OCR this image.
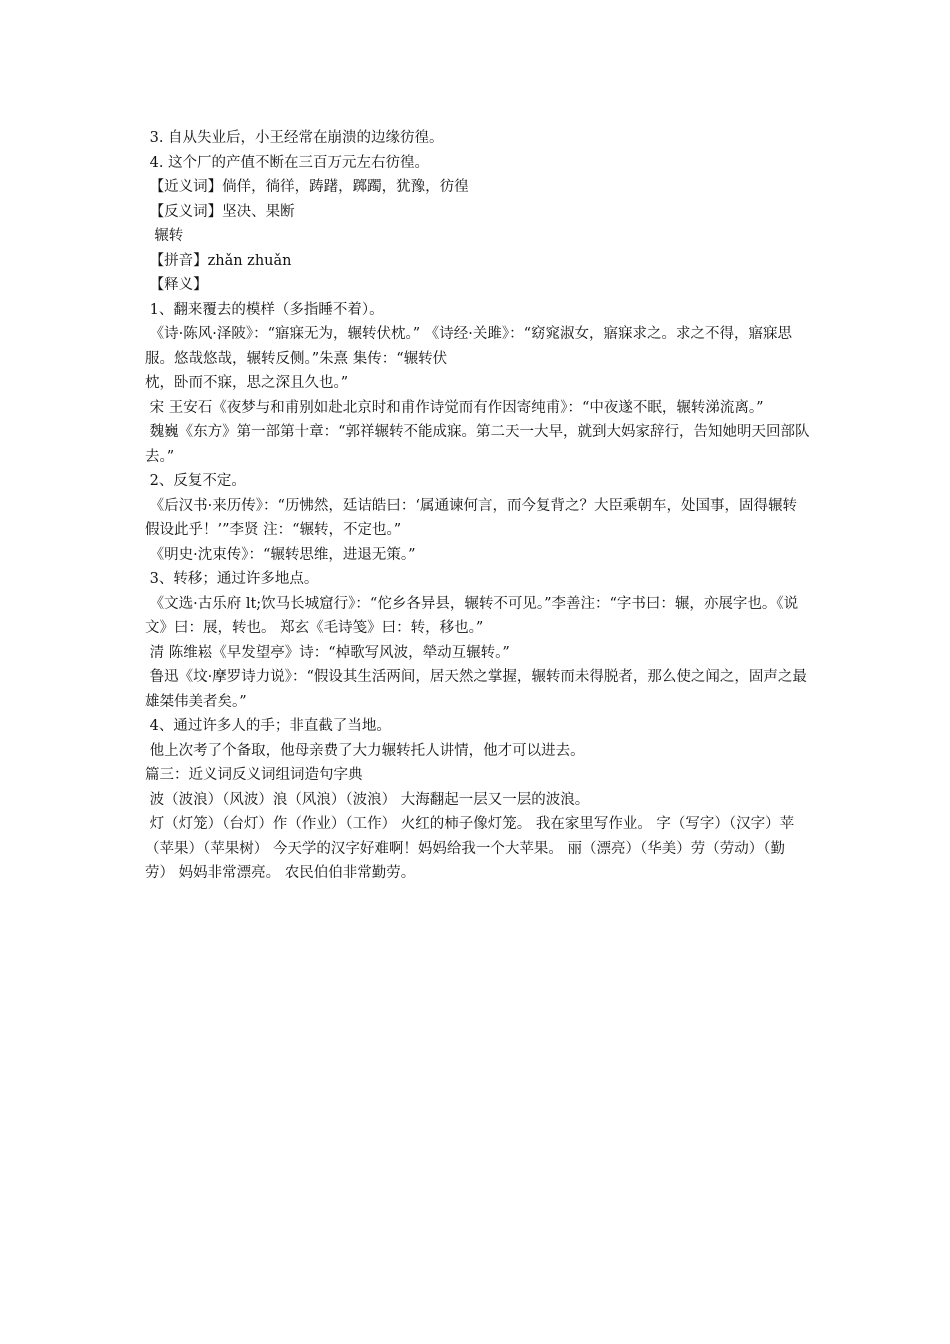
3. 自从失业后，小王经常在崩溃的边缘彷徨。

4. 这个厂的产值不断在三百万元左右彷徨。

【近义词】倘佯，徜徉，踌躇，踯躅，犹豫，彷徨

【反义词】坚决、果断

辗转

【拼音】zhǎn zhuǎn

【释义】

1、翻来覆去的模样（多指睡不着）。

《诗·陈风·泽陂》：“寤寐无为，辗转伏枕。” 《诗经·关雎》：“窈窕淑女，寤寐求之。求之不得，寤寐思服。悠哉悠哉，辗转反侧。”朱熹 集传：“辗转伏

枕，卧而不寐，思之深且久也。”

宋 王安石《夜梦与和甫别如赴北京时和甫作诗觉而有作因寄纯甫》：“中夜遂不眠，辗转涕流离。”

魏巍《东方》第一部第十章：“郭祥辗转不能成寐。第二天一大早，就到大妈家辞行，告知她明天回部队去。”

2、反复不定。

《后汉书·来历传》：“历怫然，廷诘皓曰：‘属通谏何言，而今复背之？大臣乘朝车，处国事，固得辗转假设此乎！’”李贤 注：“辗转，不定也。”

《明史·沈束传》：“辗转思维，进退无策。”

3、转移；通过许多地点。

《文选·古乐府 lt;饮马长城窟行》：“佗乡各异县，辗转不可见。”李善注：“字书曰：辗，亦展字也。《说文》曰：展，转也。 郑玄《毛诗笺》曰：转，移也。”

清 陈维崧《早发望亭》诗：“棹歌写风波，犖动互辗转。”

鲁迅《坟·摩罗诗力说》：“假设其生活两间，居天然之掌握，辗转而未得脱者，那么使之闻之，固声之最雄桀伟美者矣。”

4、通过许多人的手；非直截了当地。

他上次考了个备取，他母亲费了大力辗转托人讲情，他才可以进去。

篇三：近义词反义词组词造句字典

波（波浪）（风波）浪（风浪）（波浪） 大海翻起一层又一层的波浪。

灯（灯笼）（台灯）作（作业）（工作） 火红的柿子像灯笼。 我在家里写作业。 字（写字）（汉字）苹（苹果）（苹果树） 今天学的汉字好难啊！妈妈给我一个大苹果。 丽（漂亮）（华美）劳（劳动）（勤劳） 妈妈非常漂亮。 农民伯伯非常勤劳。
